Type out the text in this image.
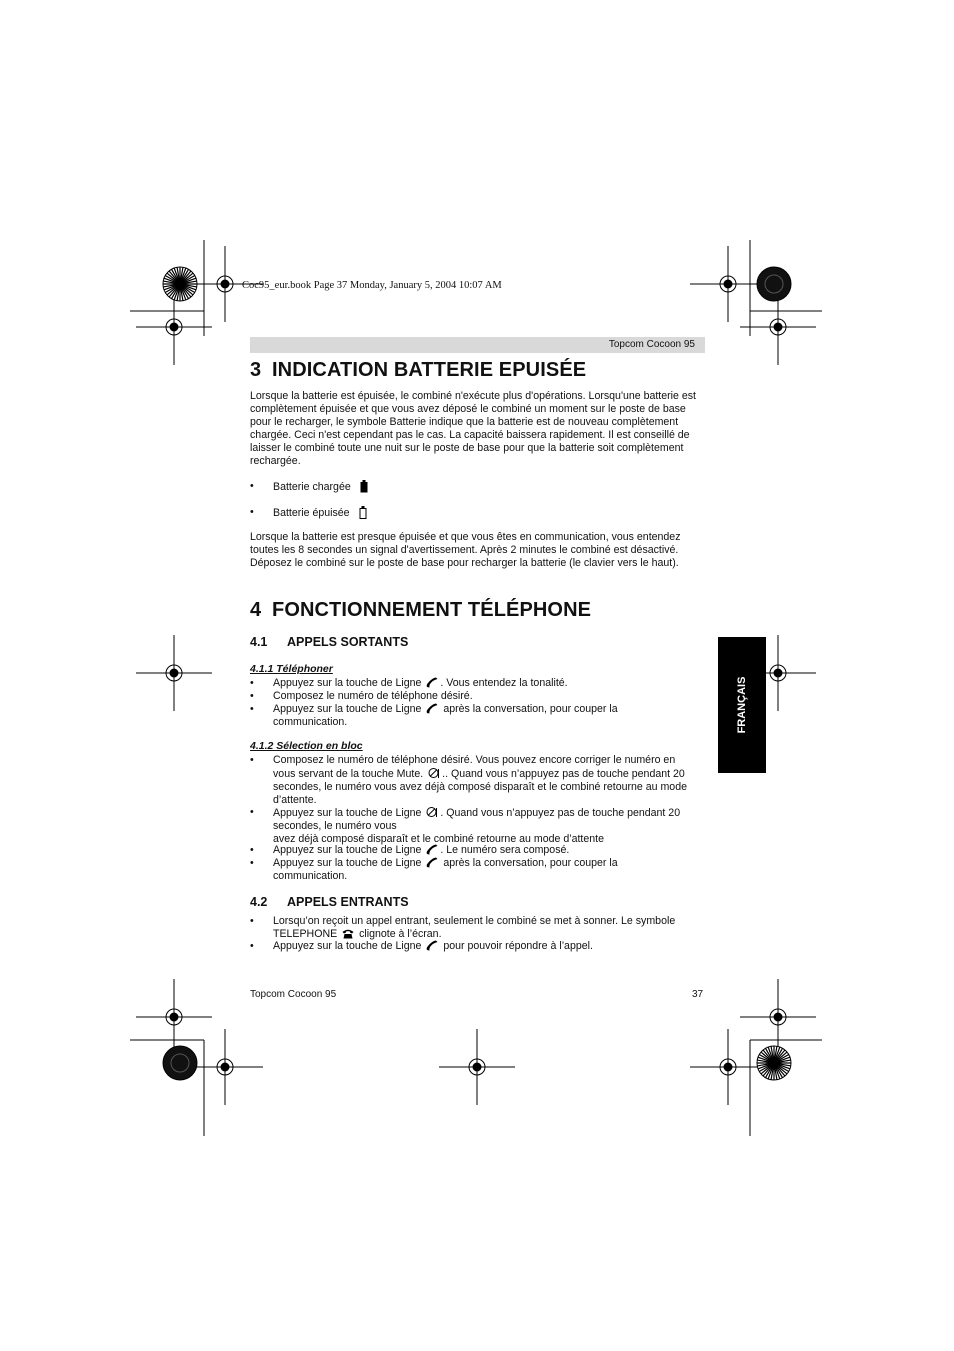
Coc95_eur.book Page 37 Monday, January 5, 2004 10:07 AM
Topcom Cocoon 95
3 INDICATION BATTERIE EPUISÉE
Lorsque la batterie est épuisée, le combiné n'exécute plus d'opérations. Lorsqu'une batterie est complètement épuisée et que vous avez déposé le combiné un moment sur le poste de base pour le recharger, le symbole Batterie indique que la batterie est de nouveau complètement chargée. Ceci n'est cependant pas le cas. La capacité baissera rapidement. Il est conseillé de laisser le combiné toute une nuit sur le poste de base pour que la batterie soit complètement rechargée.
• Batterie chargée
• Batterie épuisée
Lorsque la batterie est presque épuisée et que vous êtes en communication, vous entendez toutes les 8 secondes un signal d'avertissement. Après 2 minutes le combiné est désactivé. Déposez le combiné sur le poste de base pour recharger la batterie (le clavier vers le haut).
4 FONCTIONNEMENT TÉLÉPHONE
4.1 APPELS SORTANTS
4.1.1 Téléphoner
• Appuyez sur la touche de Ligne . Vous entendez la tonalité.
• Composez le numéro de téléphone désiré.
• Appuyez sur la touche de Ligne après la conversation, pour couper la
communication.
4.1.2 Sélection en bloc
• Composez le numéro de téléphone désiré. Vous pouvez encore corriger le numéro en
vous servant de la touche Mute. .. Quand vous n’appuyez pas de touche pendant 20
secondes, le numéro vous avez déjà composé disparaît et le combiné retourne au mode
d’attente.
• Appuyez sur la touche de Ligne . Quand vous n’appuyez pas de touche pendant 20
secondes, le numéro vous
avez déjà composé disparaît et le combiné retourne au mode d’attente
• Appuyez sur la touche de Ligne . Le numéro sera composé.
• Appuyez sur la touche de Ligne après la conversation, pour couper la
communication.
4.2 APPELS ENTRANTS
• Lorsqu’on reçoit un appel entrant, seulement le combiné se met à sonner. Le symbole
TELEPHONE clignote à l’écran.
• Appuyez sur la touche de Ligne pour pouvoir répondre à l’appel.
FRANÇAIS
Topcom Cocoon 95	37
